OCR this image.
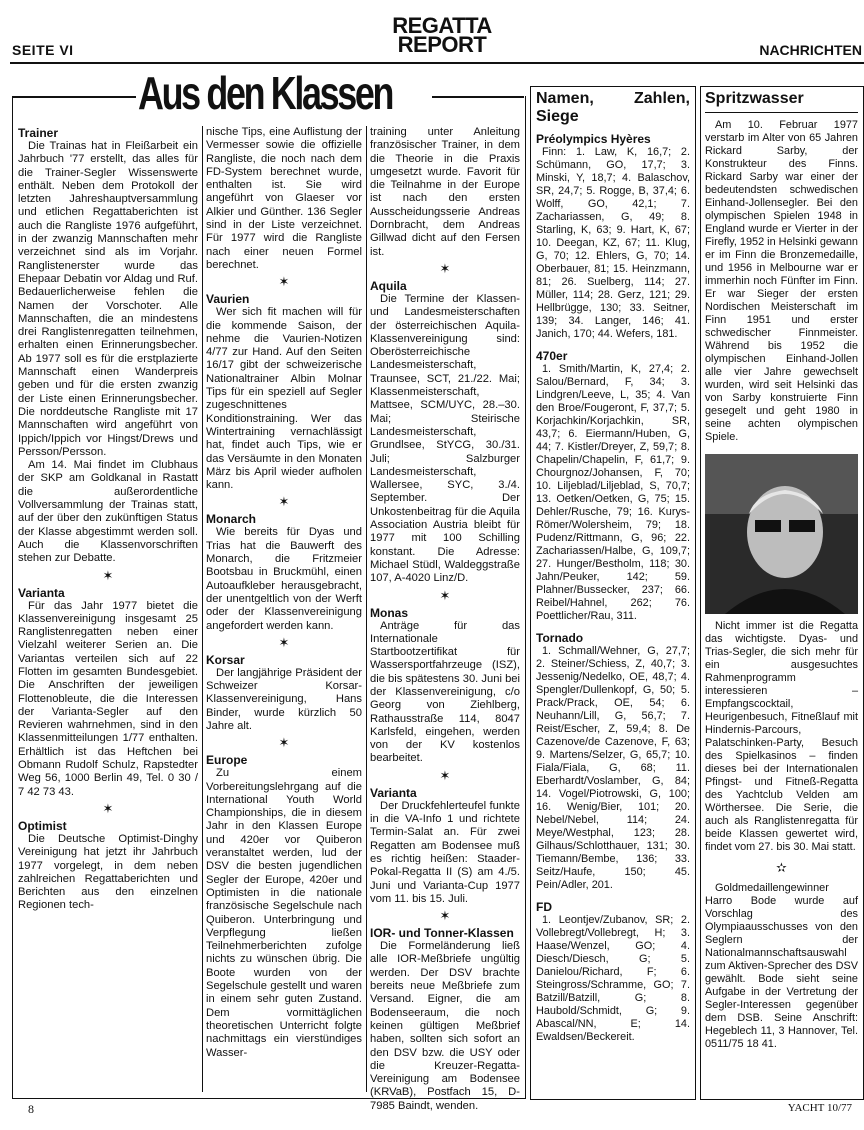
SEITE VI
REGATTA
REPORT	NACHRICHTEN
Aus den Klassen
Trainer

Die Trainas hat in Fleißarbeit ein Jahrbuch '77 erstellt, das alles für die Trainer-Segler Wissenswerte enthält. Neben dem Protokoll der letzten Jahreshauptversammlung und etlichen Regattaberichten ist auch die Rangliste 1976 aufgeführt, in der zwanzig Mannschaften mehr verzeichnet sind als im Vorjahr. Ranglistenerster wurde das Ehepaar Debatin vor Aldag und Ruf. Bedauerlicherweise fehlen die Namen der Vorschoter. Alle Mannschaften, die an mindestens drei Ranglistenregatten teilnehmen, erhalten einen Erinnerungsbecher. Ab 1977 soll es für die erstplazierte Mannschaft einen Wanderpreis geben und für die ersten zwanzig der Liste einen Erinnerungsbecher. Die norddeutsche Rangliste mit 17 Mannschaften wird angeführt von Ippich/Ippich vor Hingst/Drews und Persson/Persson.

Am 14. Mai findet im Clubhaus der SKP am Goldkanal in Rastatt die außerordentliche Vollversammlung der Trainas statt, auf der über den zukünftigen Status der Klasse abgestimmt werden soll. Auch die Klassenvorschriften stehen zur Debatte.

✶
Varianta

Für das Jahr 1977 bietet die Klassenvereinigung insgesamt 25 Ranglistenregatten neben einer Vielzahl weiterer Serien an. Die Variantas verteilen sich auf 22 Flotten im gesamten Bundesgebiet. Die Anschriften der jeweiligen Flottenobleute, die die Interessen der Varianta-Segler auf den Revieren wahrnehmen, sind in den Klassenmitteilungen 1/77 enthalten. Erhältlich ist das Heftchen bei Obmann Rudolf Schulz, Rapstedter Weg 56, 1000 Berlin 49, Tel. 0 30 / 7 42 73 43.

✶
Optimist

Die Deutsche Optimist-Dinghy Vereinigung hat jetzt ihr Jahrbuch 1977 vorgelegt, in dem neben zahlreichen Regattaberichten und Berichten aus den einzelnen Regionen tech-

nische Tips, eine Auflistung der Vermesser sowie die offizielle Rangliste, die noch nach dem FD-System berechnet wurde, enthalten ist. Sie wird angeführt von Glaeser vor Alkier und Günther. 136 Segler sind in der Liste verzeichnet. Für 1977 wird die Rangliste nach einer neuen Formel berechnet.

✶
Vaurien

Wer sich fit machen will für die kommende Saison, der nehme die Vaurien-Notizen 4/77 zur Hand. Auf den Seiten 16/17 gibt der schweizerische Nationaltrainer Albin Molnar Tips für ein speziell auf Segler zugeschnittenes Konditionstraining. Wer das Wintertraining vernachlässigt hat, findet auch Tips, wie er das Versäumte in den Monaten März bis April wieder aufholen kann.

✶
Monarch

Wie bereits für Dyas und Trias hat die Bauwerft des Monarch, die Fritzmeier Bootsbau in Bruckmühl, einen Autoaufkleber herausgebracht, der unentgeltlich von der Werft oder der Klassenvereinigung angefordert werden kann.

✶
Korsar

Der langjährige Präsident der Schweizer Korsar-Klassenvereinigung, Hans Binder, wurde kürzlich 50 Jahre alt.

✶
Europe

Zu einem Vorbereitungslehrgang auf die International Youth World Championships, die in diesem Jahr in den Klassen Europe und 420er vor Quiberon veranstaltet werden, lud der DSV die besten jugendlichen Segler der Europe, 420er und Optimisten in die nationale französische Segelschule nach Quiberon. Unterbringung und Verpflegung ließen Teilnehmerberichten zufolge nichts zu wünschen übrig. Die Boote wurden von der Segelschule gestellt und waren in einem sehr guten Zustand. Dem vormittäglichen theoretischen Unterricht folgte nachmittags ein vierstündiges Wasser-

training unter Anleitung französischer Trainer, in dem die Theorie in die Praxis umgesetzt wurde. Favorit für die Teilnahme in der Europe ist nach den ersten Ausscheidungsserie Andreas Dornbracht, dem Andreas Gillwad dicht auf den Fersen ist.

✶
Aquila

Die Termine der Klassen- und Landesmeisterschaften der österreichischen Aquila-Klassenvereinigung sind: Oberösterreichische Landesmeisterschaft, Traunsee, SCT, 21./22. Mai; Klassenmeisterschaft, Mattsee, SCM/UYC, 28.–30. Mai; Steirische Landesmeisterschaft, Grundlsee, StYCG, 30./31. Juli; Salzburger Landesmeisterschaft, Wallersee, SYC, 3./4. September. Der Unkostenbeitrag für die Aquila Association Austria bleibt für 1977 mit 100 Schilling konstant. Die Adresse: Michael Stüdl, Waldeggstraße 107, A-4020 Linz/D.

✶
Monas

Anträge für das Internationale Startbootzertifikat für Wassersportfahrzeuge (ISZ), die bis spätestens 30. Juni bei der Klassenvereinigung, c/o Georg von Ziehlberg, Rathausstraße 114, 8047 Karlsfeld, eingehen, werden von der KV kostenlos bearbeitet.

✶
Varianta

Der Druckfehlerteufel funkte in die VA-Info 1 und richtete Termin-Salat an. Für zwei Regatten am Bodensee muß es richtig heißen: Staader-Pokal-Regatta II (S) am 4./5. Juni und Varianta-Cup 1977 vom 11. bis 15. Juli.

✶
IOR- und Tonner-Klassen

Die Formeländerung ließ alle IOR-Meßbriefe ungültig werden. Der DSV brachte bereits neue Meßbriefe zum Versand. Eigner, die am Bodenseeraum, die noch keinen gültigen Meßbrief haben, sollten sich sofort an den DSV bzw. die USY oder die Kreuzer-Regatta-Vereinigung am Bodensee (KRVaB), Postfach 15, D-7985 Baindt, wenden.

Namen, Zahlen, Siege
Préolympics Hyères

Finn: 1. Law, K, 16,7; 2. Schümann, GO, 17,7; 3. Minski, Y, 18,7; 4. Balaschov, SR, 24,7; 5. Rogge, B, 37,4; 6. Wolff, GO, 42,1; 7. Zachariassen, G, 49; 8. Starling, K, 63; 9. Hart, K, 67; 10. Deegan, KZ, 67; 11. Klug, G, 70; 12. Ehlers, G, 70; 14. Oberbauer, 81; 15. Heinzmann, 81; 26. Suelberg, 114; 27. Müller, 114; 28. Gerz, 121; 29. Hellbrügge, 130; 33. Seitner, 139; 34. Langer, 146; 41. Janich, 170; 44. Wefers, 181.

470er

1. Smith/Martin, K, 27,4; 2. Salou/Bernard, F, 34; 3. Lindgren/Leeve, L, 35; 4. Van den Broe/Fougeront, F, 37,7; 5. Korjachkin/Korjachkin, SR, 43,7; 6. Eiermann/Huben, G, 44; 7. Kistler/Dreyer, Z, 59,7; 8. Chapelin/Chapelin, F, 61,7; 9. Chourgnoz/Johansen, F, 70; 10. Liljeblad/Liljeblad, S, 70,7; 13. Oetken/Oetken, G, 75; 15. Dehler/Rusche, 79; 16. Kurys-Römer/Wolersheim, 79; 18. Pudenz/Rittmann, G, 96; 22. Zachariassen/Halbe, G, 109,7; 27. Hunger/Bestholm, 118; 30. Jahn/Peuker, 142; 59. Plahner/Bussecker, 237; 66. Reibel/Hahnel, 262; 76. Poettlicher/Rau, 311.

Tornado

1. Schmall/Wehner, G, 27,7; 2. Steiner/Schiess, Z, 40,7; 3. Jessenig/Nedelko, OE, 48,7; 4. Spengler/Dullenkopf, G, 50; 5. Prack/Prack, OE, 54; 6. Neuhann/Lill, G, 56,7; 7. Reist/Escher, Z, 59,4; 8. De Cazenove/de Cazenove, F, 63; 9. Martens/Selzer, G, 65,7; 10. Fiala/Fiala, G, 68; 11. Eberhardt/Voslamber, G, 84; 14. Vogel/Piotrowski, G, 100; 16. Wenig/Bier, 101; 20. Nebel/Nebel, 114; 24. Meye/Westphal, 123; 28. Gilhaus/Schlotthauer, 131; 30. Tiemann/Bembe, 136; 33. Seitz/Haufe, 150; 45. Pein/Adler, 201.

FD

1. Leontjev/Zubanov, SR; 2. Vollebregt/Vollebregt, H; 3. Haase/Wenzel, GO; 4. Diesch/Diesch, G; 5. Danielou/Richard, F; 6. Steingross/Schramme, GO; 7. Batzill/Batzill, G; 8. Haubold/Schmidt, G; 9. Abascal/NN, E; 14. Ewaldsen/Beckereit.

Spritzwasser

Am 10. Februar 1977 verstarb im Alter von 65 Jahren Rickard Sarby, der Konstrukteur des Finns. Rickard Sarby war einer der bedeutendsten schwedischen Einhand-Jollensegler. Bei den olympischen Spielen 1948 in England wurde er Vierter in der Firefly, 1952 in Helsinki gewann er im Finn die Bronzemedaille, und 1956 in Melbourne war er immerhin noch Fünfter im Finn. Er war Sieger der ersten Nordischen Meisterschaft im Finn 1951 und erster schwedischer Finnmeister. Während bis 1952 die olympischen Einhand-Jollen alle vier Jahre gewechselt wurden, wird seit Helsinki das von Sarby konstruierte Finn gesegelt und geht 1980 in seine achten olympischen Spiele.

Nicht immer ist die Regatta das wichtigste. Dyas- und Trias-Segler, die sich mehr für ein ausgesuchtes Rahmenprogramm interessieren – Empfangscocktail, Heurigenbesuch, Fitneßlauf mit Hindernis-Parcours, Palatschinken-Party, Besuch des Spielkasinos – finden dieses bei der Internationalen Pfingst- und Fitneß-Regatta des Yachtclub Velden am Wörthersee. Die Serie, die auch als Ranglistenregatta für beide Klassen gewertet wird, findet vom 27. bis 30. Mai statt.

✫

Goldmedaillengewinner Harro Bode wurde auf Vorschlag des Olympiaausschusses von den Seglern der Nationalmannschaftsauswahl zum Aktiven-Sprecher des DSV gewählt. Bode sieht seine Aufgabe in der Vertretung der Segler-Interessen gegenüber dem DSB. Seine Anschrift: Hegeblech 11, 3 Hannover, Tel. 0511/75 18 41.

8	YACHT 10/77
